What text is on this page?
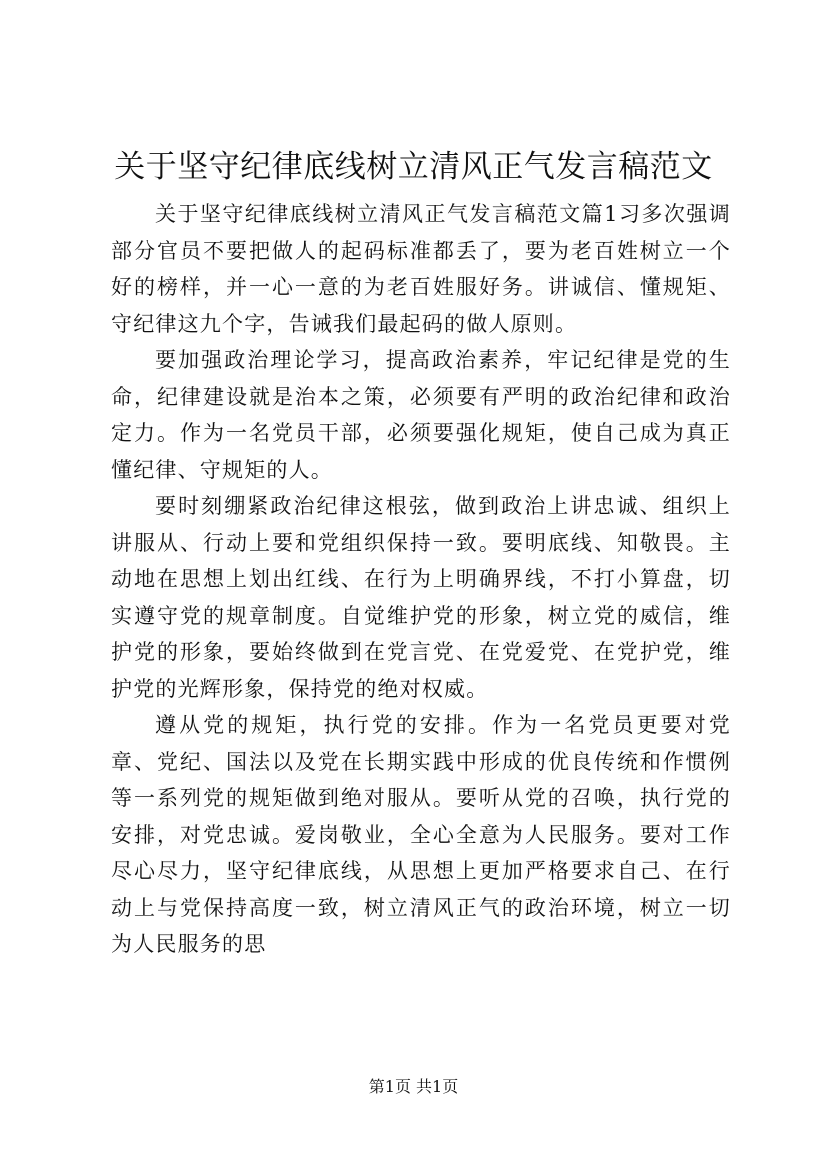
关于坚守纪律底线树立清风正气发言稿范文

关于坚守纪律底线树立清风正气发言稿范文篇1习多次强调部分官员不要把做人的起码标准都丢了，要为老百姓树立一个好的榜样，并一心一意的为老百姓服好务。讲诚信、懂规矩、守纪律这九个字，告诫我们最起码的做人原则。

要加强政治理论学习，提高政治素养，牢记纪律是党的生命，纪律建设就是治本之策，必须要有严明的政治纪律和政治定力。作为一名党员干部，必须要强化规矩，使自己成为真正懂纪律、守规矩的人。

要时刻绷紧政治纪律这根弦，做到政治上讲忠诚、组织上讲服从、行动上要和党组织保持一致。要明底线、知敬畏。主动地在思想上划出红线、在行为上明确界线，不打小算盘，切实遵守党的规章制度。自觉维护党的形象，树立党的威信，维护党的形象，要始终做到在党言党、在党爱党、在党护党，维护党的光辉形象，保持党的绝对权威。

遵从党的规矩，执行党的安排。作为一名党员更要对党章、党纪、国法以及党在长期实践中形成的优良传统和作惯例等一系列党的规矩做到绝对服从。要听从党的召唤，执行党的安排，对党忠诚。爱岗敬业，全心全意为人民服务。要对工作尽心尽力，坚守纪律底线，从思想上更加严格要求自己、在行动上与党保持高度一致，树立清风正气的政治环境，树立一切为人民服务的思

第1页 共1页
